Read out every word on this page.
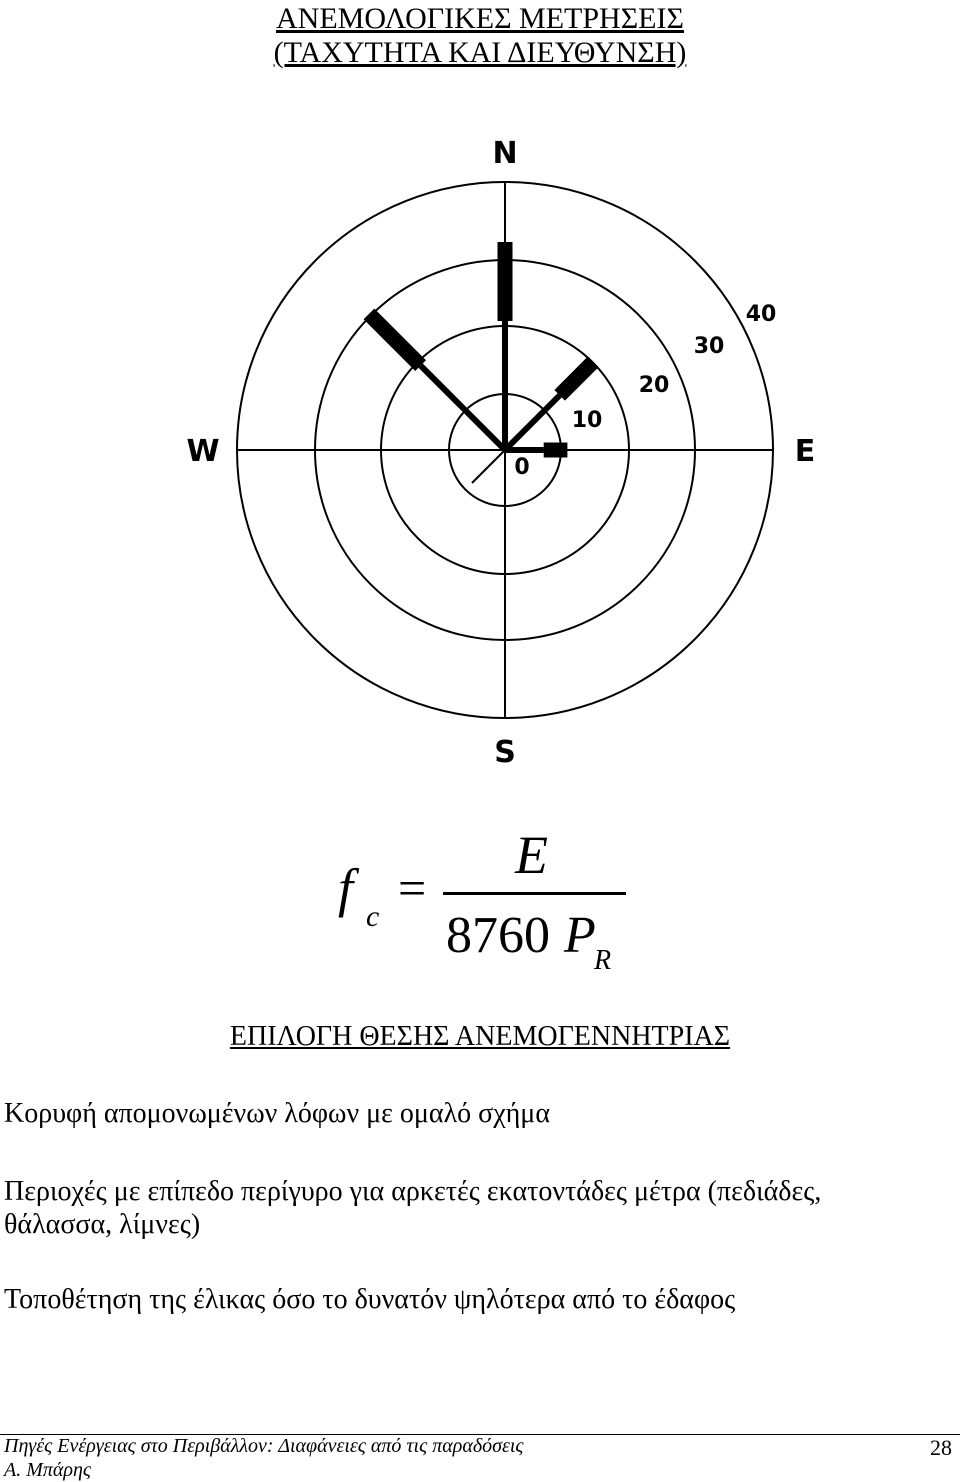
ΑΝΕΜΟΛΟΓΙΚΕΣ ΜΕΤΡΗΣΕΙΣ
(ΤΑΧΥΤΗΤΑ ΚΑΙ ΔΙΕΥΘΥΝΣΗ)
N
S
W	E
0
10
20
30
40
f c
=
E
8760 P
R
ΕΠΙΛΟΓΗ ΘΕΣΗΣ ΑΝΕΜΟΓΕΝΝΗΤΡΙΑΣ
Κορυφή απομονωμένων λόφων με ομαλό σχήμα
Περιοχές με επίπεδο περίγυρο για αρκετές εκατοντάδες μέτρα (πεδιάδες,
θάλασσα, λίμνες)
Τοποθέτηση της έλικας όσο το δυνατόν ψηλότερα από το έδαφος
Πηγές Ενέργειας στο Περιβάλλον: Διαφάνειες από τις παραδόσεις
Α. Μπάρης
28
